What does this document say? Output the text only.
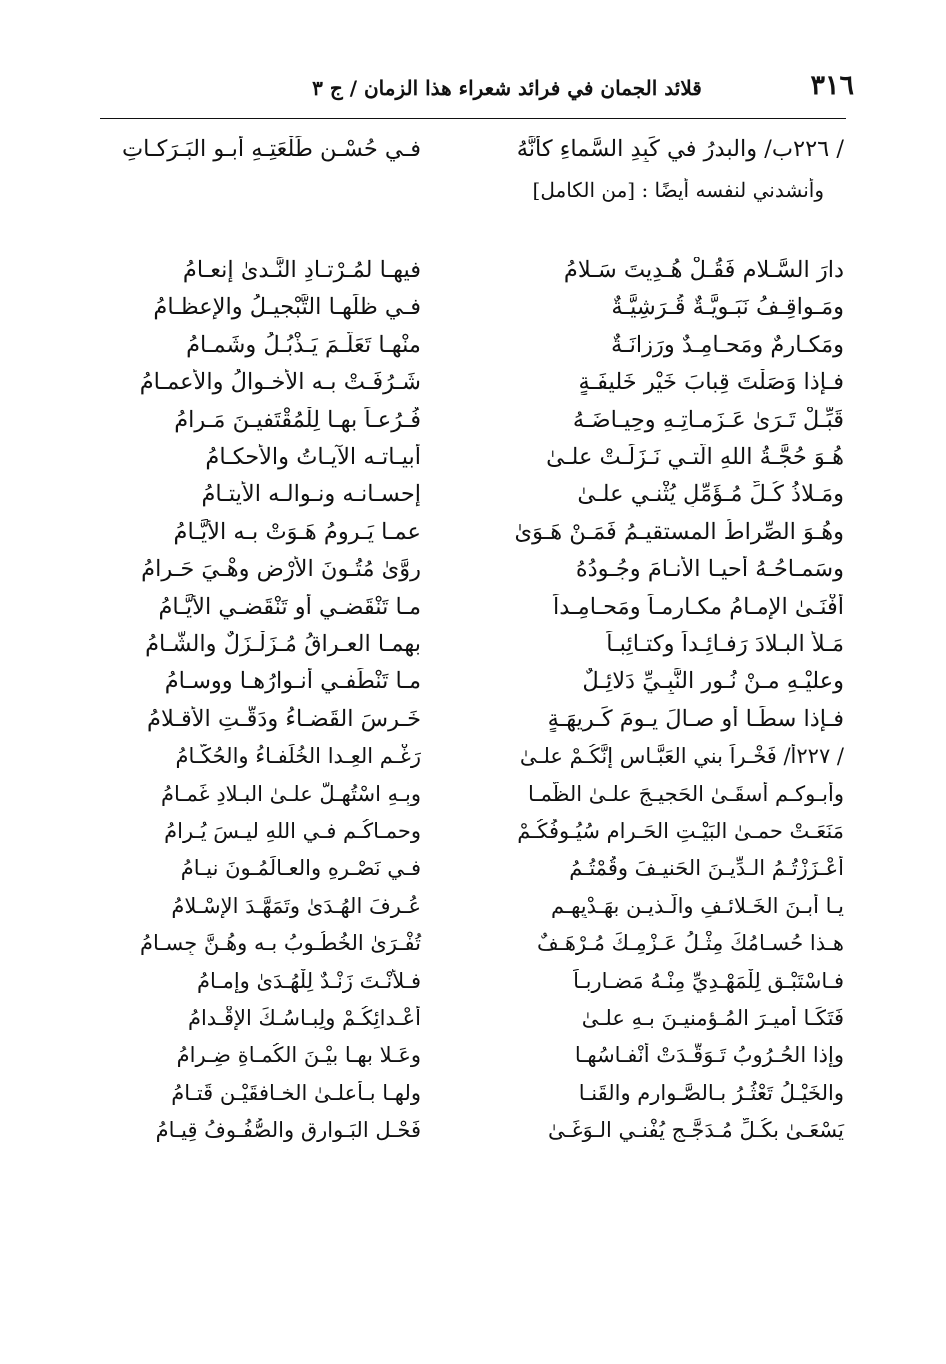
٣١٦
قلائد الجمان في فرائد شعراء هذا الزمان / ج ٣
/ ٢٢٦ب/ والبدرُ في كَبِدِ السَّماءِ كأنَّهُ
فـي حُسْـنِ طَلْعَتِـهِ أَبـو البَـرَكـاتِ
وأنشدني لنفسه أيضًا : [من الكامل]
دارَ السَّـلامِ فَقُـلْ هُـدِيتَ سَـلامُ
فيهـا لمُـرْتـادِ النَّـدىٰ إنعـامُ
ومَـواقِـفُ نَبَـويَّـةٌ قُـرَشِيَّـةٌ
فـي ظلِّهـا التَّبْجيـلُ والإعظـامُ
ومَكـارِمٌ ومَحـامِـدٌ ورَزانَـةٌ
منْهـا تَعَلَّـمَ يَـذْبُـلُ وشَمـامُ
فـإذا وَصَلْتَ قِبابَ خَيْرِ خَليفَـةٍ
شَـرُفَـتْ بـه الأخـوالُ والأعمـامُ
قَبِّـلْ تَـرَىٰ عَـزَمـاتِـهِ وحِيـاضَـهُ
فُـرُعـاً بهـا لِلْمُقْتَفيـنَ مَـرامُ
هُـوَ حُجَّـةُ اللهِ الّتـي نَـزَلَـتْ علـىٰ
أبيـاتـه الآيـاتُ والأحكـامُ
ومَـلاذُ كُـلِّ مُـؤَمِّلٍ يُثْنـي علـىٰ
إحسـانـه ونـوالـه الأيتـامُ
وهُـوَ الصِّراطُ المستقيـمُ فَمَـنْ هَـوَىٰ
عمـا يَـرومُ هَـوَتْ بـه الأيَّـامُ
وسَمـاحُـهُ أحيـا الأنـامَ وجُـودُهُ
روَّىٰ مُتُـونَ الأرْضِ وهْـيَ حَـرامُ
أفْنَـىٰ الإمـامُ مكـارِمـاً ومَحـامِـداً
مـا تَنْقَضـي أو تَنْقَضـي الأيَّـامُ
مَـلأَ البـلادَ رَفـائِـداً وكتـائِبـاً
بهمـا العـراقُ مُـزَلْـزَلٌ والشَّـامُ
وعليْـهِ مـنْ نُـورِ النَّبِـيِّ دَلائِـلٌ
مـا تَنْطَفـي أنـوارُهـا ووِسـامُ
فـإذا سطَـا أو صـالَ يـومَ كَـريهَـةٍ
خَـرِسَ القَضـاءُ ودَقَّـتِ الأقـلامُ
/ ٢٢٧أ/ فَخْـراً بني العَبَّـاسِ إنَّكُـمْ علـىٰ
رَغْـمِ العِـدا الخُلَفـاءُ والحُكَّـامُ
وأبـوكـم أسقَـىٰ الحَجيـجَ علـىٰ الظَّمـا
وبِـهِ اسْتُهِـلَّ علـىٰ البـلادِ غَمـامُ
مَنَعَـتْ حمـىٰ البَيْـتِ الحَـرامِ سُيُـوفُكُـمْ
وحمـاكُـم فـي اللهِ ليـسَ يُـرامُ
أعْـزَزْتُـمُ الـدِّيـنَ الحَنيـفَ وقُمْتُـمُ
فـي نَصْـرِهِ والعـالَمُـونَ نيـامُ
يـا أبـنَ الخَـلائـفِ والَّـذيـن بهَـدْيِهِـم
عُـرِفَ الهُـدَىٰ وتَمَهَّـدَ الإسْـلامُ
هـذا حُسـامُكَ مِثْـلُ عَـزْمِـكَ مُـرْهَـفٌ
تُفْـرَىٰ الخُطُـوبُ بـه وهُـنَّ جِسـامُ
فـاسْتَبْـقِ لِلْمَهْـدِيِّ مِنْـهُ مَضـارِبـاً
فـلأنْـتَ زَنْـدٌ لِلْهُـدَىٰ وإمـامُ
فَتَكَـا أميـرَ المُـؤمنيـنَ بـهِ علـىٰ
أعْـدائِكُـمْ ولِبـاسُـكَ الإقْـدامُ
وإذا الحُـرُوبُ تَـوَقَّـدَتْ أنْفـاسُهـا
وعَـلا بهـا بيْـنَ الكُمـاةِ ضِـرامُ
والخَيْـلُ تَعْثُـرُ بـالصَّـوارِمِ والقَنـا
ولهـا بـأعلـىٰ الخـافقَيْـنِ قَتـامُ
يَسْعَـىٰ بكُـلِّ مُـدَجَّـجٍ يُفْنـي الـوَغَـىٰ
فَحْـلِ البَـوارِقِ والصُّفُـوفُ قِيـامُ
